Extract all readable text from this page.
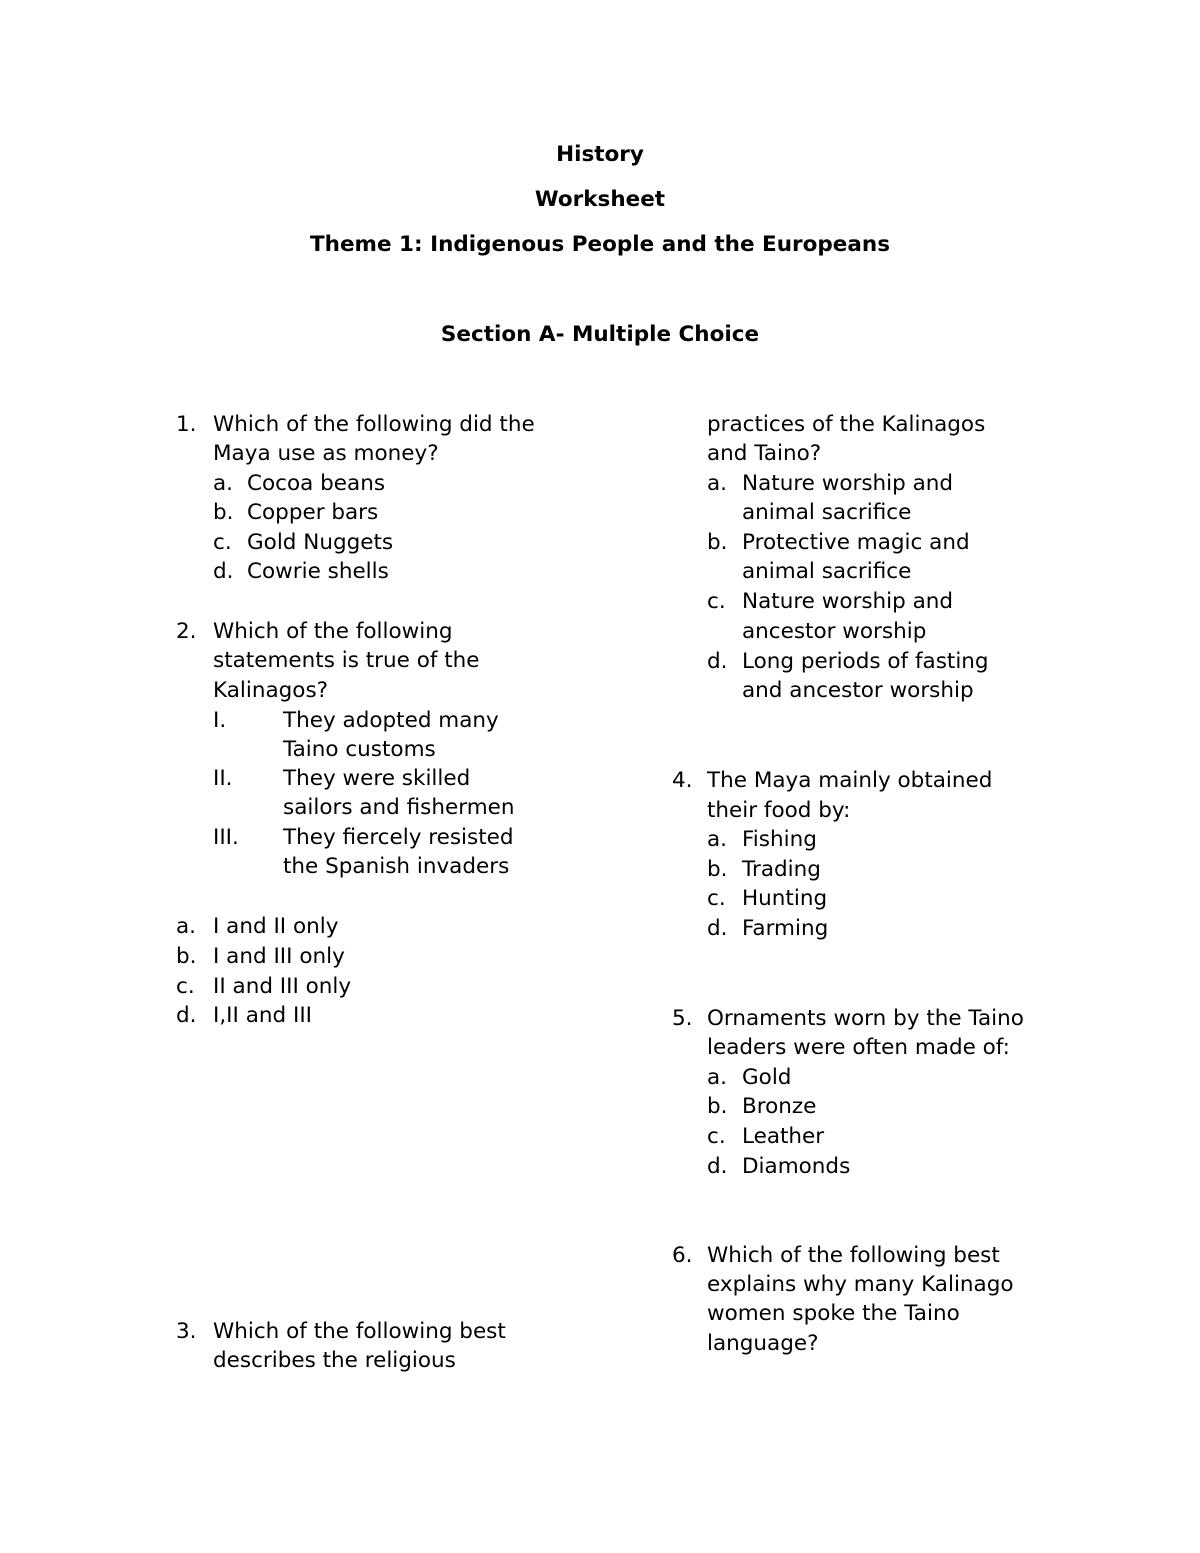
History
Worksheet
Theme 1: Indigenous People and the Europeans
Section A- Multiple Choice
1. Which of the following did the
Maya use as money?
a. Cocoa beans
b. Copper bars
c. Gold Nuggets
d. Cowrie shells
2. Which of the following
statements is true of the
Kalinagos?
I.	They adopted many
Taino customs
II. They were skilled
sailors and fishermen
III. They fiercely resisted
the Spanish invaders
a. I and II only
b. I and III only
c. II and III only
d. I,II and III
3. Which of the following best
describes the religious
practices of the Kalinagos
and Taino?
a. Nature worship and
animal sacrifice
b. Protective magic and
animal sacrifice
c. Nature worship and
ancestor worship
d. Long periods of fasting
and ancestor worship
4. The Maya mainly obtained
their food by:
a. Fishing
b. Trading
c. Hunting
d. Farming
5. Ornaments worn by the Taino
leaders were often made of:
a. Gold
b. Bronze
c. Leather
d. Diamonds
6. Which of the following best
explains why many Kalinago
women spoke the Taino
language?
